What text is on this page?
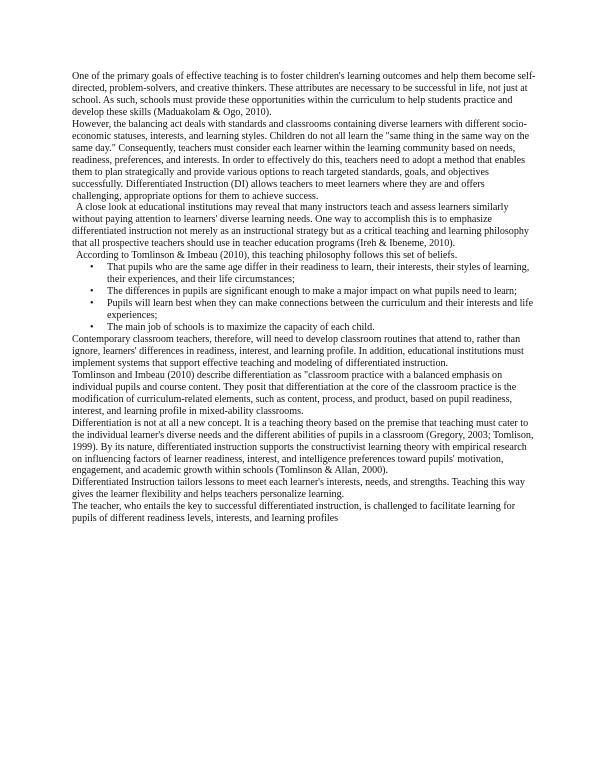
One of the primary goals of effective teaching is to foster children's learning outcomes and help them become self-directed, problem-solvers, and creative thinkers. These attributes are necessary to be successful in life, not just at school. As such, schools must provide these opportunities within the curriculum to help students practice and develop these skills (Maduakolam & Ogo, 2010).

However, the balancing act deals with standards and classrooms containing diverse learners with different socio-economic statuses, interests, and learning styles. Children do not all learn the "same thing in the same way on the same day." Consequently, teachers must consider each learner within the learning community based on needs, readiness, preferences, and interests. In order to effectively do this, teachers need to adopt a method that enables them to plan strategically and provide various options to reach targeted standards, goals, and objectives successfully. Differentiated Instruction (DI) allows teachers to meet learners where they are and offers challenging, appropriate options for them to achieve success.

A close look at educational institutions may reveal that many instructors teach and assess learners similarly without paying attention to learners' diverse learning needs. One way to accomplish this is to emphasize differentiated instruction not merely as an instructional strategy but as a critical teaching and learning philosophy that all prospective teachers should use in teacher education programs (Ireh & Ibeneme, 2010).

According to Tomlinson & Imbeau (2010), this teaching philosophy follows this set of beliefs.

• That pupils who are the same age differ in their readiness to learn, their interests, their styles of learning, their experiences, and their life circumstances;
• The differences in pupils are significant enough to make a major impact on what pupils need to learn;
• Pupils will learn best when they can make connections between the curriculum and their interests and life experiences;
• The main job of schools is to maximize the capacity of each child.

Contemporary classroom teachers, therefore, will need to develop classroom routines that attend to, rather than ignore, learners' differences in readiness, interest, and learning profile. In addition, educational institutions must implement systems that support effective teaching and modeling of differentiated instruction.

Tomlinson and Imbeau (2010) describe differentiation as "classroom practice with a balanced emphasis on individual pupils and course content. They posit that differentiation at the core of the classroom practice is the modification of curriculum-related elements, such as content, process, and product, based on pupil readiness, interest, and learning profile in mixed-ability classrooms.

Differentiation is not at all a new concept. It is a teaching theory based on the premise that teaching must cater to the individual learner's diverse needs and the different abilities of pupils in a classroom (Gregory, 2003; Tomlison, 1999). By its nature, differentiated instruction supports the constructivist learning theory with empirical research on influencing factors of learner readiness, interest, and intelligence preferences toward pupils' motivation, engagement, and academic growth within schools (Tomlinson & Allan, 2000).

Differentiated Instruction tailors lessons to meet each learner's interests, needs, and strengths. Teaching this way gives the learner flexibility and helps teachers personalize learning.

The teacher, who entails the key to successful differentiated instruction, is challenged to facilitate learning for pupils of different readiness levels, interests, and learning profiles
